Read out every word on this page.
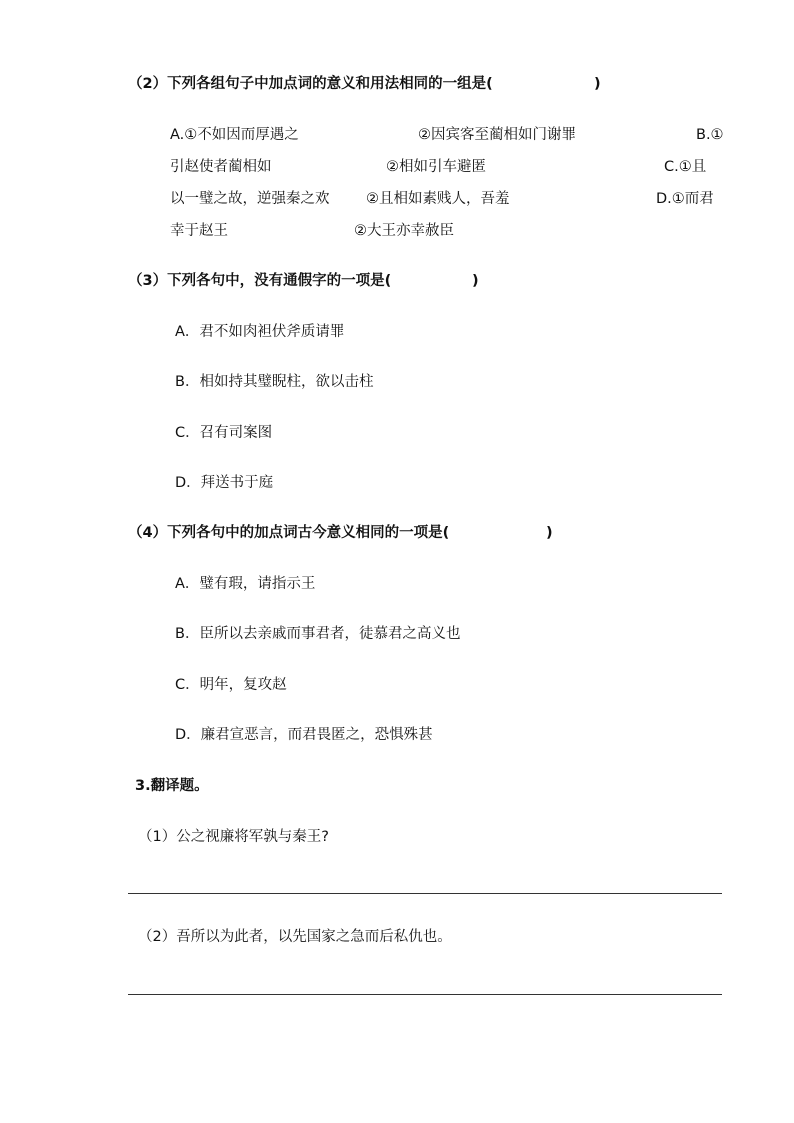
（2）下列各组句子中加点词的意义和用法相同的一组是(	)
A.①不如因而厚遇之	②因宾客至蔺相如门谢罪	B.①
引赵使者蔺相如	②相如引车避匿	C.①且
以一璧之故，逆强秦之欢	②且相如素贱人，吾羞	D.①而君
幸于赵王	②大王亦幸赦臣
（3）下列各句中，没有通假字的一项是(	)
A．君不如肉袒伏斧质请罪
B．相如持其璧睨柱，欲以击柱
C．召有司案图
D．拜送书于庭
（4）下列各句中的加点词古今意义相同的一项是(	)
A．璧有瑕，请指示王
B．臣所以去亲戚而事君者，徒慕君之高义也
C．明年，复攻赵
D．廉君宣恶言，而君畏匿之，恐惧殊甚
3.翻译题。
（1）公之视廉将军孰与秦王?
（2）吾所以为此者，以先国家之急而后私仇也。
